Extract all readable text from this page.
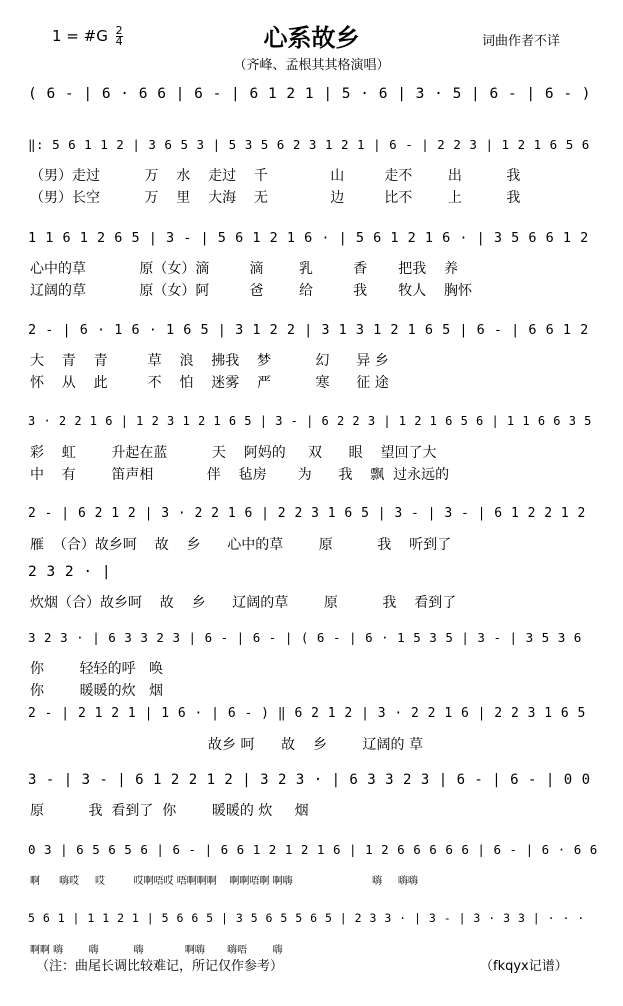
1 = #G $\frac{2}{4}$	心系故乡	词曲作者不详
（齐峰、孟根其其格演唱）
( 6 - | 6 · 6 6 | 6 - | 6 1 2 1 | 5 · 6 | 3 · 5 | 6 - | 6 - )
‖: 5 6 1 1 2 | 3 6 5 3 | 5 3 5 6 2 3 1 2 1 | 6 - | 2 2 3 | 1 2 1 6 5 6
（男）走过          万    水    走过    千              山         走不        出          我
（男）长空          万    里    大海    无              边         比不        上          我
1 1 6 1 2 6 5 | 3 - | 5 6 1 2 1 6 · | 5 6 1 2 1 6 · | 3 5 6 6 1 2
心中的草            原（女）滴         滴        乳         香       把我    养
辽阔的草            原（女）阿         爸        给         我       牧人    胸怀
2 - | 6 · 1 6 · 1 6 5 | 3 1 2 2 | 3 1 3 1 2 1 6 5 | 6 - | 6 6 1 2
大    青    青         草    浪    拂我    梦          幻      异 乡
怀    从    此         不    怕    迷雾    严          寒      征 途
3 · 2 2 1 6 | 1 2 3 1 2 1 6 5 | 3 - | 6 2 2 3 | 1 2 1 6 5 6 | 1 1 6 6 3 5
彩    虹        升起在蓝          天    阿妈的     双      眼    望回了大
中    有        笛声相            伴    毡房       为      我    飘  过永远的
2 - | 6 2 1 2 | 3 · 2 2 1 6 | 2 2 3 1 6 5 | 3 - | 3 - | 6 1 2 2 1 2
雁  （合）故乡呵    故    乡      心中的草        原          我    听到了
2 3 2 · |
炊烟（合）故乡呵    故    乡      辽阔的草        原          我    看到了
3 2 3 · | 6 3 3 2 3 | 6 - | 6 - | ( 6 - | 6 · 1 5 3 5 | 3 - | 3 5 3 6
你        轻轻的呼   唤
你        暖暖的炊   烟
2 - | 2 1 2 1 | 1 6 · | 6 - ) ‖ 6 2 1 2 | 3 · 2 2 1 6 | 2 2 3 1 6 5
故乡 呵      故    乡        辽阔的 草
3 - | 3 - | 6 1 2 2 1 2 | 3 2 3 · | 6 3 3 2 3 | 6 - | 6 - | 0 0
原          我  看到了  你        暖暖的 炊     烟
0 3 | 6 5 6 5 6 | 6 - | 6 6 1 2 1 2 1 6 | 1 2 6 6 6 6 6 | 6 - | 6 · 6 6
啊      嗨哎     哎         哎啊唔哎 唔啊啊啊    啊啊唔啊 啊嗨                         嗨     嗨嗨
5 6 1 | 1 1 2 1 | 5 6 6 5 | 3 5 6 5 5 6 5 | 2 3 3 · | 3 - | 3 · 3 3 | · · ·
啊啊 嗨        嗨           嗨             啊嗨       嗨唔        嗨
（注：曲尾长调比较难记，所记仅作参考）	（fkqyx记谱）
